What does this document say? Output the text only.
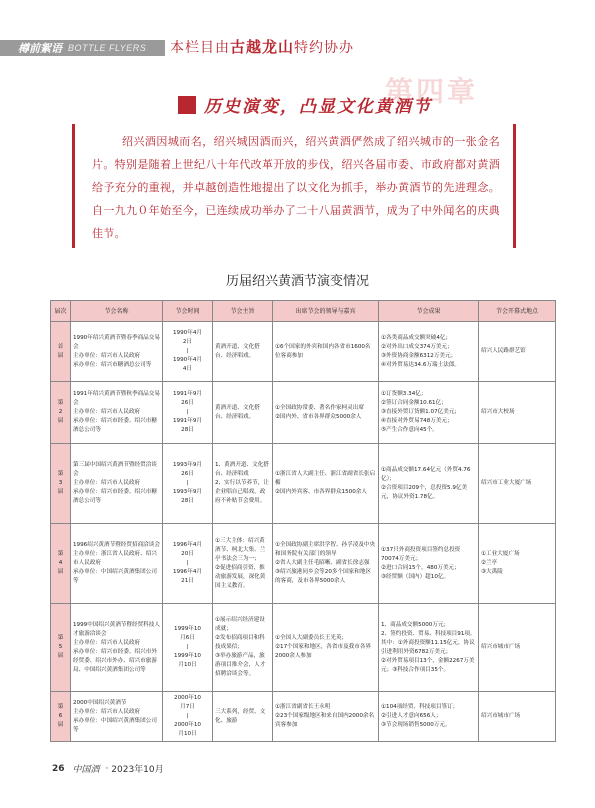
樽前絮语 BOTTLE FLYERS 本栏目由古越龙山特约协办
第四章
历史演变，凸显文化黄酒节
绍兴酒因城而名，绍兴城因酒而兴，绍兴黄酒俨然成了绍兴城市的一张金名片。特别是随着上世纪八十年代改革开放的步伐，绍兴各届市委、市政府都对黄酒给予充分的重视，并卓越创造性地提出了以文化为抓手，举办黄酒节的先进理念。自一九九０年始至今，已连续成功举办了二十八届黄酒节，成为了中外闻名的庆典佳节。
历届绍兴黄酒节演变情况
届次	节会名称	节会时间	节会主旨	出席节会的领导与嘉宾	节会成果	节会开幕式地点
首
届	1990年绍兴黄酒节暨春季商品交易会
主办单位：绍兴市人民政府
承办单位：绍兴市糖酒总公司等	1990年4月
2日
|
1990年4月
4日	黄酒开道、文化搭台、经济唱戏。	①6个国家的外宾和国内各省市1600名位客商参加	①各类商品成交额突破4亿；
②对外出口成交374万美元；
③外资协商金额6312万美元；
④对外贸易达34.6万瑞士法郎。	绍兴人民路群艺馆
第
2
届	1991年绍兴黄酒节暨秋季商品交易会
主办单位：绍兴市人民政府
承办单位：绍兴市经委、绍兴市糖酒总公司等	1991年9月
26日
|
1991年9月
28日	黄酒开道、文化搭台、经济唱戏。	①全国政协常委、著名作家柯灵出席
②国内外、省市各界群众5000余人	①订货额3.34亿；
②签订合同金额10.61亿；
③直接外贸订货额1.07亿美元；
④直接对外贸易748万美元；
⑤产生合作意向45个。	绍兴市大校场
第
3
届	第三届中国绍兴黄酒节暨经贸洽谈会
主办单位：绍兴市人民政府
承办单位：绍兴市经委、绍兴市糖酒总公司等	1993年9月
26日
|
1993年9月
28日	1、黄酒开道、文化搭台、经济唱戏
2、实行以节养节，让企业唱自己唱戏，政府不补贴节会费用。	①浙江省人大副主任、浙江省副省长张启楣
②国内外宾客、市各界群众1500余人	①商品成交额17.64亿元（外贸4.76亿）；
②合资项目209个，总投资5.9亿美元，协议外资1.78亿。	绍兴市工业大厦广场
第
4
届	1996绍兴黄酒节暨经贸招商洽谈会
主办单位：浙江省人民政府、绍兴市人民政府
承办单位：中国绍兴黄酒集团公司等	1996年4月
20日
|
1996年4月
21日	①三大主体：绍兴黄酒节、柯北大集、兰亭书法会三为一；
②促进招商引资，推动旅游发展，深化黄国主义教育。	①全国政协副主席洪学智、孙孚凌及中央和国务院有关部门的领导
②省人大副主任毛昭晰、副省长徐志强
③绍兴旅港同乡会等20多个国家和地区的客商，及市各界5000余人	①37只外商投资项目签约总投资70074万美元；
②进口合同15个，480万美元；
③经贸额（国内）超10亿。	①工业大厦广场
②兰亭
③大禹陵
第
5
届	1999中国绍兴黄酒节暨经贸科技人才旅游洽谈会
主办单位：绍兴市人民政府
承办单位：绍兴市经委、绍兴市外经贸委、绍兴市外办、绍兴市旅游局、中国绍兴黄酒集团公司等	1999年10
月6日
|
1999年10
月10日	①展示绍兴经济建设成就；
②发布招商项目和科技成果信；
③举办旅游产品，旅游项目推介会，人才招聘洽谈会等。	①全国人大副委员长王光英；
②17个国家和地区，各省市及我市各界2000余人参加	1、商品成交额5000万元；
2、签约投资、贸易、科技项目91项。
其中：①外商投资额11.15亿元，协议引进利用外资6782万美元；
②对外贸易项目13个，金额2267万美元；③科技合作项目35个。	绍兴市城市广场
第
6
届	2000中国绍兴黄酒节
主办单位：绍兴市人民政府
承办单位：中国绍兴黄酒集团公司等	2000年10
月7日
|
2000年10
月10日	三大系列，经贸、文化、旅游	①浙江省副省长王永明
②23个国家级地区和来自国内2000余名宾客参加	①104项经贸、科技项目签订；
②引进人才意向656人；
③节会现场销售5000万元。	绍兴市城市广场
26 中国酒 · 2023年10月
